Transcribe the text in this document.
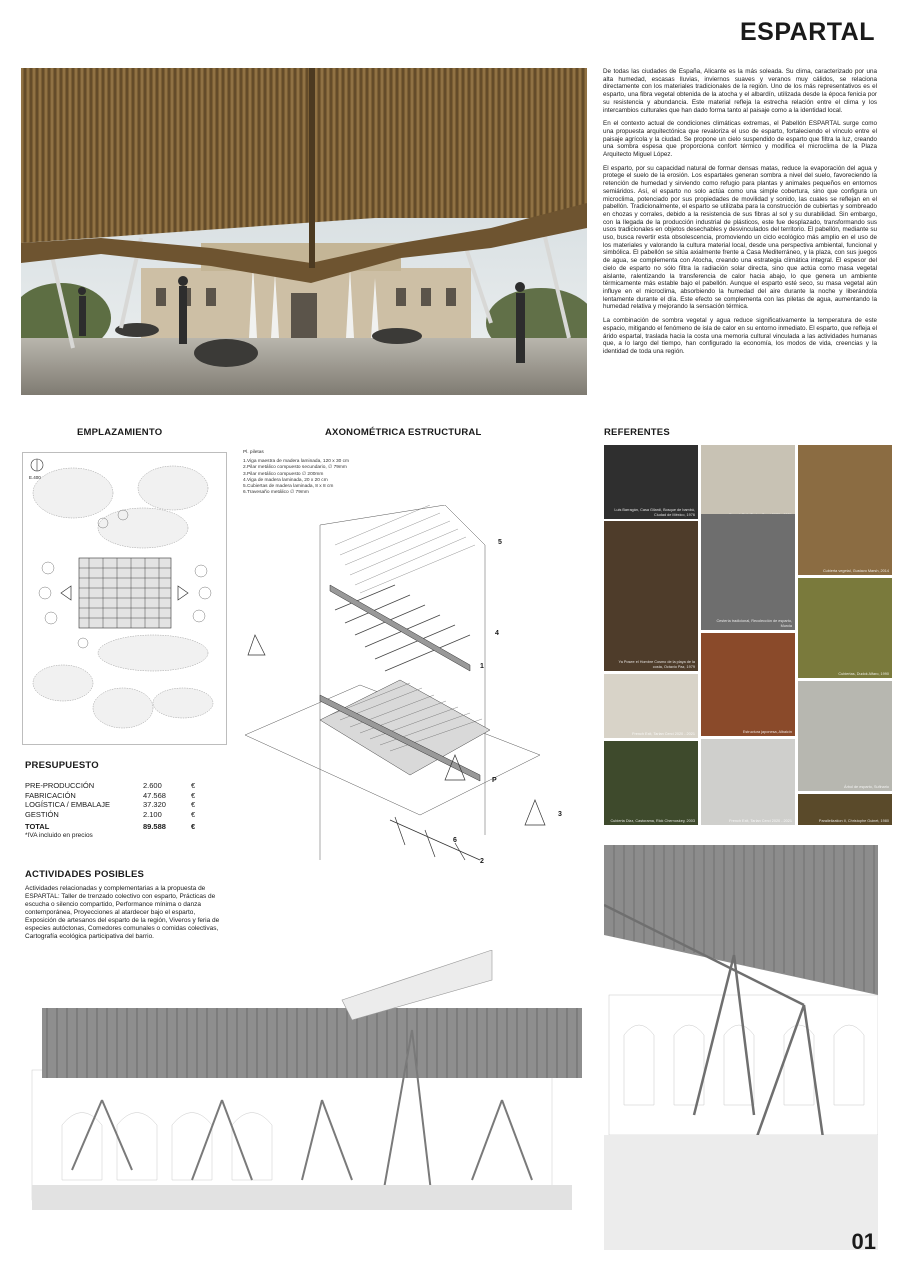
ESPARTAL

De todas las ciudades de España, Alicante es la más soleada. Su clima, caracterizado por una alta humedad, escasas lluvias, inviernos suaves y veranos muy cálidos, se relaciona directamente con los materiales tradicionales de la región. Uno de los más representativos es el esparto, una fibra vegetal obtenida de la atocha y el albardín, utilizada desde la época fenicia por su resistencia y abundancia. Este material refleja la estrecha relación entre el clima y los intercambios culturales que han dado forma tanto al paisaje como a la identidad local.

En el contexto actual de condiciones climáticas extremas, el Pabellón ESPARTAL surge como una propuesta arquitectónica que revaloriza el uso de esparto, fortaleciendo el vínculo entre el paisaje agrícola y la ciudad. Se propone un cielo suspendido de esparto que filtra la luz, creando una sombra espesa que proporciona confort térmico y modifica el microclima de la Plaza Arquitecto Miguel López.

El esparto, por su capacidad natural de formar densas matas, reduce la evaporación del agua y protege el suelo de la erosión. Los espartales generan sombra a nivel del suelo, favoreciendo la retención de humedad y sirviendo como refugio para plantas y animales pequeños en entornos semiáridos. Así, el esparto no solo actúa como una simple cobertura, sino que configura un microclima, potenciado por sus propiedades de movilidad y sonido, las cuales se reflejan en el pabellón. Tradicionalmente, el esparto se utilizaba para la construcción de cubiertas y sombreado en chozas y corrales, debido a la resistencia de sus fibras al sol y su durabilidad. Sin embargo, con la llegada de la producción industrial de plásticos, este fue desplazado, transformando sus usos tradicionales en objetos desechables y desvinculados del territorio. El pabellón, mediante su uso, busca revertir esta obsolescencia, promoviendo un ciclo ecológico más amplio en el uso de los materiales y valorando la cultura material local, desde una perspectiva ambiental, funcional y simbólica. El pabellón se sitúa axialmente frente a Casa Mediterráneo, y la plaza, con sus juegos de agua, se complementa con Atocha, creando una estrategia climática integral. El espesor del cielo de esparto no sólo filtra la radiación solar directa, sino que actúa como masa vegetal aislante, ralentizando la transferencia de calor hacia abajo, lo que genera un ambiente térmicamente más estable bajo el pabellón. Aunque el esparto esté seco, su masa vegetal aún influye en el microclima, absorbiendo la humedad del aire durante la noche y liberándola lentamente durante el día. Este efecto se complementa con las piletas de agua, aumentando la humedad relativa y mejorando la sensación térmica.

La combinación de sombra vegetal y agua reduce significativamente la temperatura de este espacio, mitigando el fenómeno de isla de calor en su entorno inmediato. El esparto, que refleja el árido espartal, traslada hacia la costa una memoria cultural vinculada a las actividades humanas que, a lo largo del tiempo, han configurado la economía, los modos de vida, creencias y la identidad de toda una región.

EMPLAZAMIENTO	AXONOMÉTRICA ESTRUCTURAL	REFERENTES
E.400
Pl. piletas
1.Viga maestra de madera laminada, 120 x 30 cm
2.Pilar metálico compuesto secundario, ∅ 79mm
3.Pilar metálico compuesto ∅ 200mm
4.Viga de madera laminada, 20 x 20 cm
5.Cubiertas de madera laminada, 8 x 8 cm
6.Travesaño metálico ∅ 79mm
5
4
1
P
3
6
2
Luis Barragán, Casa Gilardi, Bosque de bambú, Ciudad de México, 1976
Cubierta vegetal, Gustavo Marsh, 2014
Ya Posee el Hombre Cosmo de la playa de la costa, Octavio Paz, 1979
Cestería tradicional, Recolección de esparto, Murcia
Cubiertas, Dudok Alfaro, 1990
French Exit, Tarlan Cerci 2020 - 2021	Estructura japonesa, Albaicín
Árbol de esparto, Sufinario
Cubierta Dizz, Castorama, Rick Chernoskey, 2003	French Exit, Tarlan Cerci 2020 - 2021	Parallelization II, Christophe Guinet, 1980
PRESUPUESTO
PRE-PRODUCCIÓN	2.600	€
FABRICACIÓN	47.568	€
LOGÍSTICA / EMBALAJE	37.320	€
GESTIÓN	2.100	€
TOTAL	89.588	€
*IVA incluido en precios
ACTIVIDADES POSIBLES
Actividades relacionadas y complementarias a la propuesta de ESPARTAL: Taller de trenzado colectivo con esparto, Prácticas de escucha o silencio compartido, Performance mínima o danza contemporánea, Proyecciones al atardecer bajo el esparto, Exposición de artesanos del esparto de la región, Viveros y feria de especies autóctonas, Comedores comunales o comidas colectivas, Cartografía ecológica participativa del barrio.
01
